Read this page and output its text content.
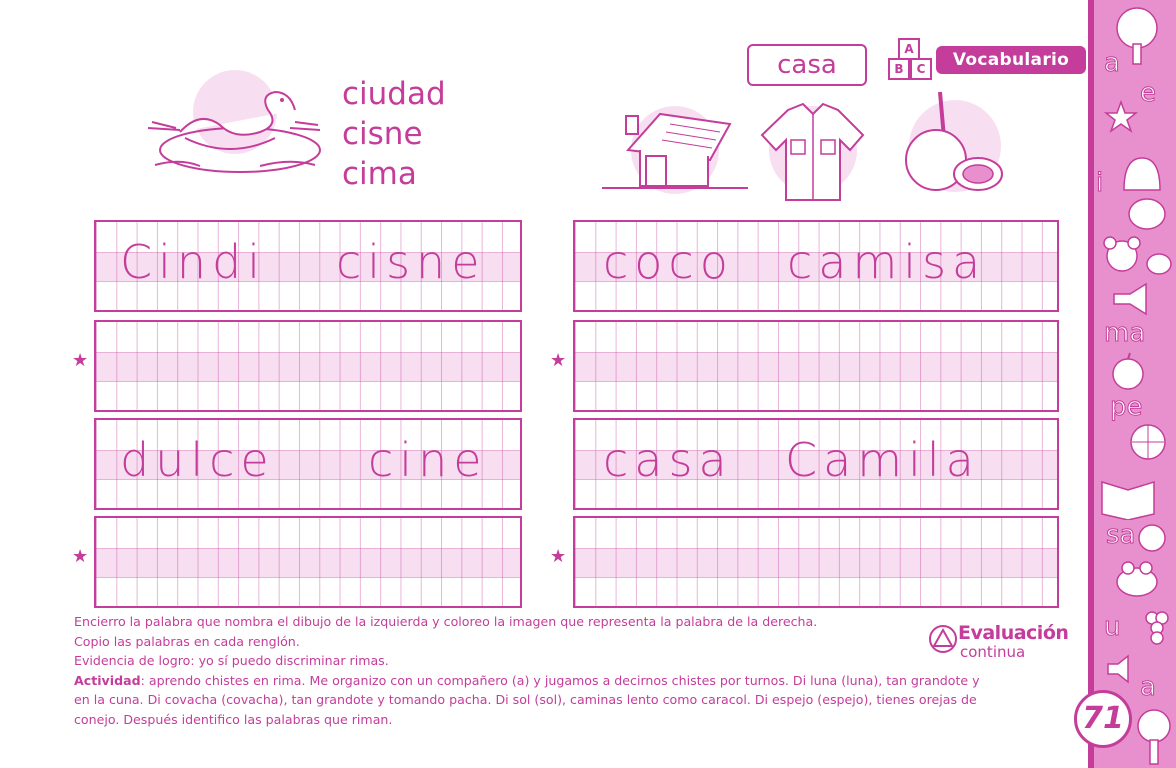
ciudad
cisne
cima
casa
A
B	C	Vocabulario
Cindi cisne	coco camisa
★	★
dulce cine	casa Camila
★	★
Encierro la palabra que nombra el dibujo de la izquierda y coloreo la imagen que representa la palabra de la derecha.
Copio las palabras en cada renglón.
Evidencia de logro: yo sí puedo discriminar rimas.
Actividad: aprendo chistes en rima. Me organizo con un compañero (a) y jugamos a decirnos chistes por turnos. Di luna (luna), tan grandote y
en la cuna. Di covacha (covacha), tan grandote y tomando pacha. Di sol (sol), caminas lento como caracol. Di espejo (espejo), tienes orejas de
conejo. Después identifico las palabras que riman.
Evaluación
continua
a
e
i
ma
pe
sa
u
a
71
